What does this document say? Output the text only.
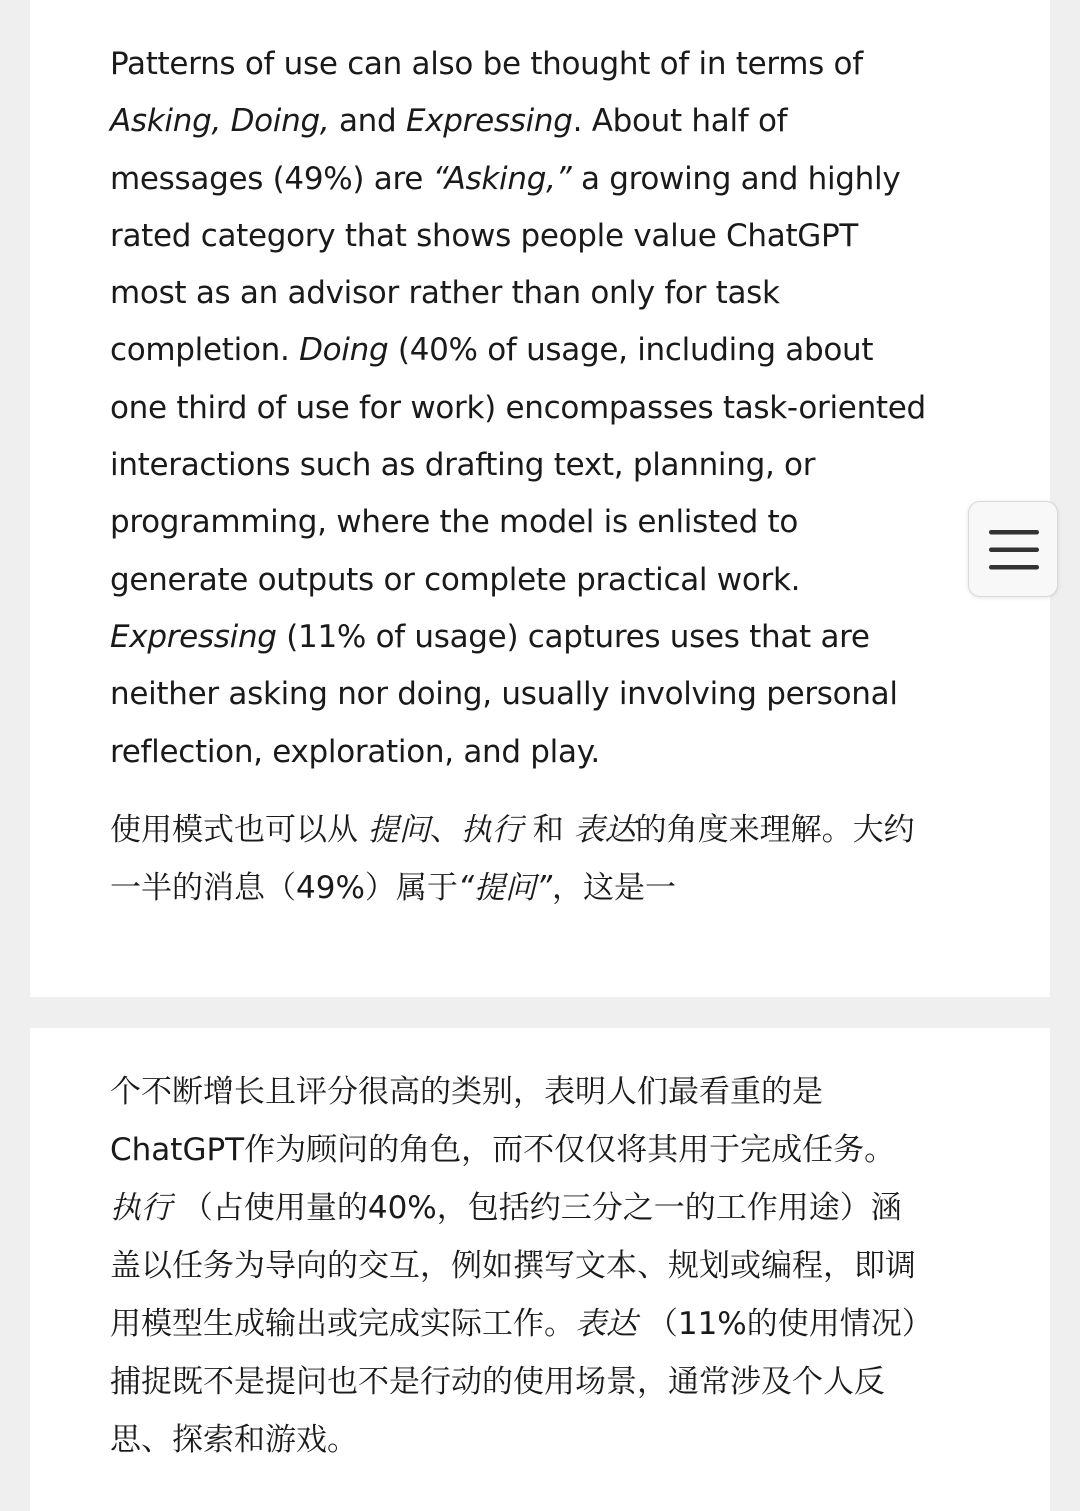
Patterns of use can also be thought of in terms of Asking, Doing, and Expressing. About half of messages (49%) are “Asking,” a growing and highly rated category that shows people value ChatGPT most as an advisor rather than only for task completion. Doing (40% of usage, including about one third of use for work) encompasses task-oriented interactions such as drafting text, planning, or programming, where the model is enlisted to generate outputs or complete practical work. Expressing (11% of usage) captures uses that are neither asking nor doing, usually involving personal reflection, exploration, and play.

使用模式也可以从 提问、执行 和 表达的角度来理解。大约一半的消息（49%）属于“提问”，这是一

个不断增长且评分很高的类别，表明人们最看重的是ChatGPT作为顾问的角色，而不仅仅将其用于完成任务。 执行 （占使用量的40%，包括约三分之一的工作用途）涵盖以任务为导向的交互，例如撰写文本、规划或编程，即调用模型生成输出或完成实际工作。表达 （11%的使用情况）捕捉既不是提问也不是行动的使用场景，通常涉及个人反思、探索和游戏。
